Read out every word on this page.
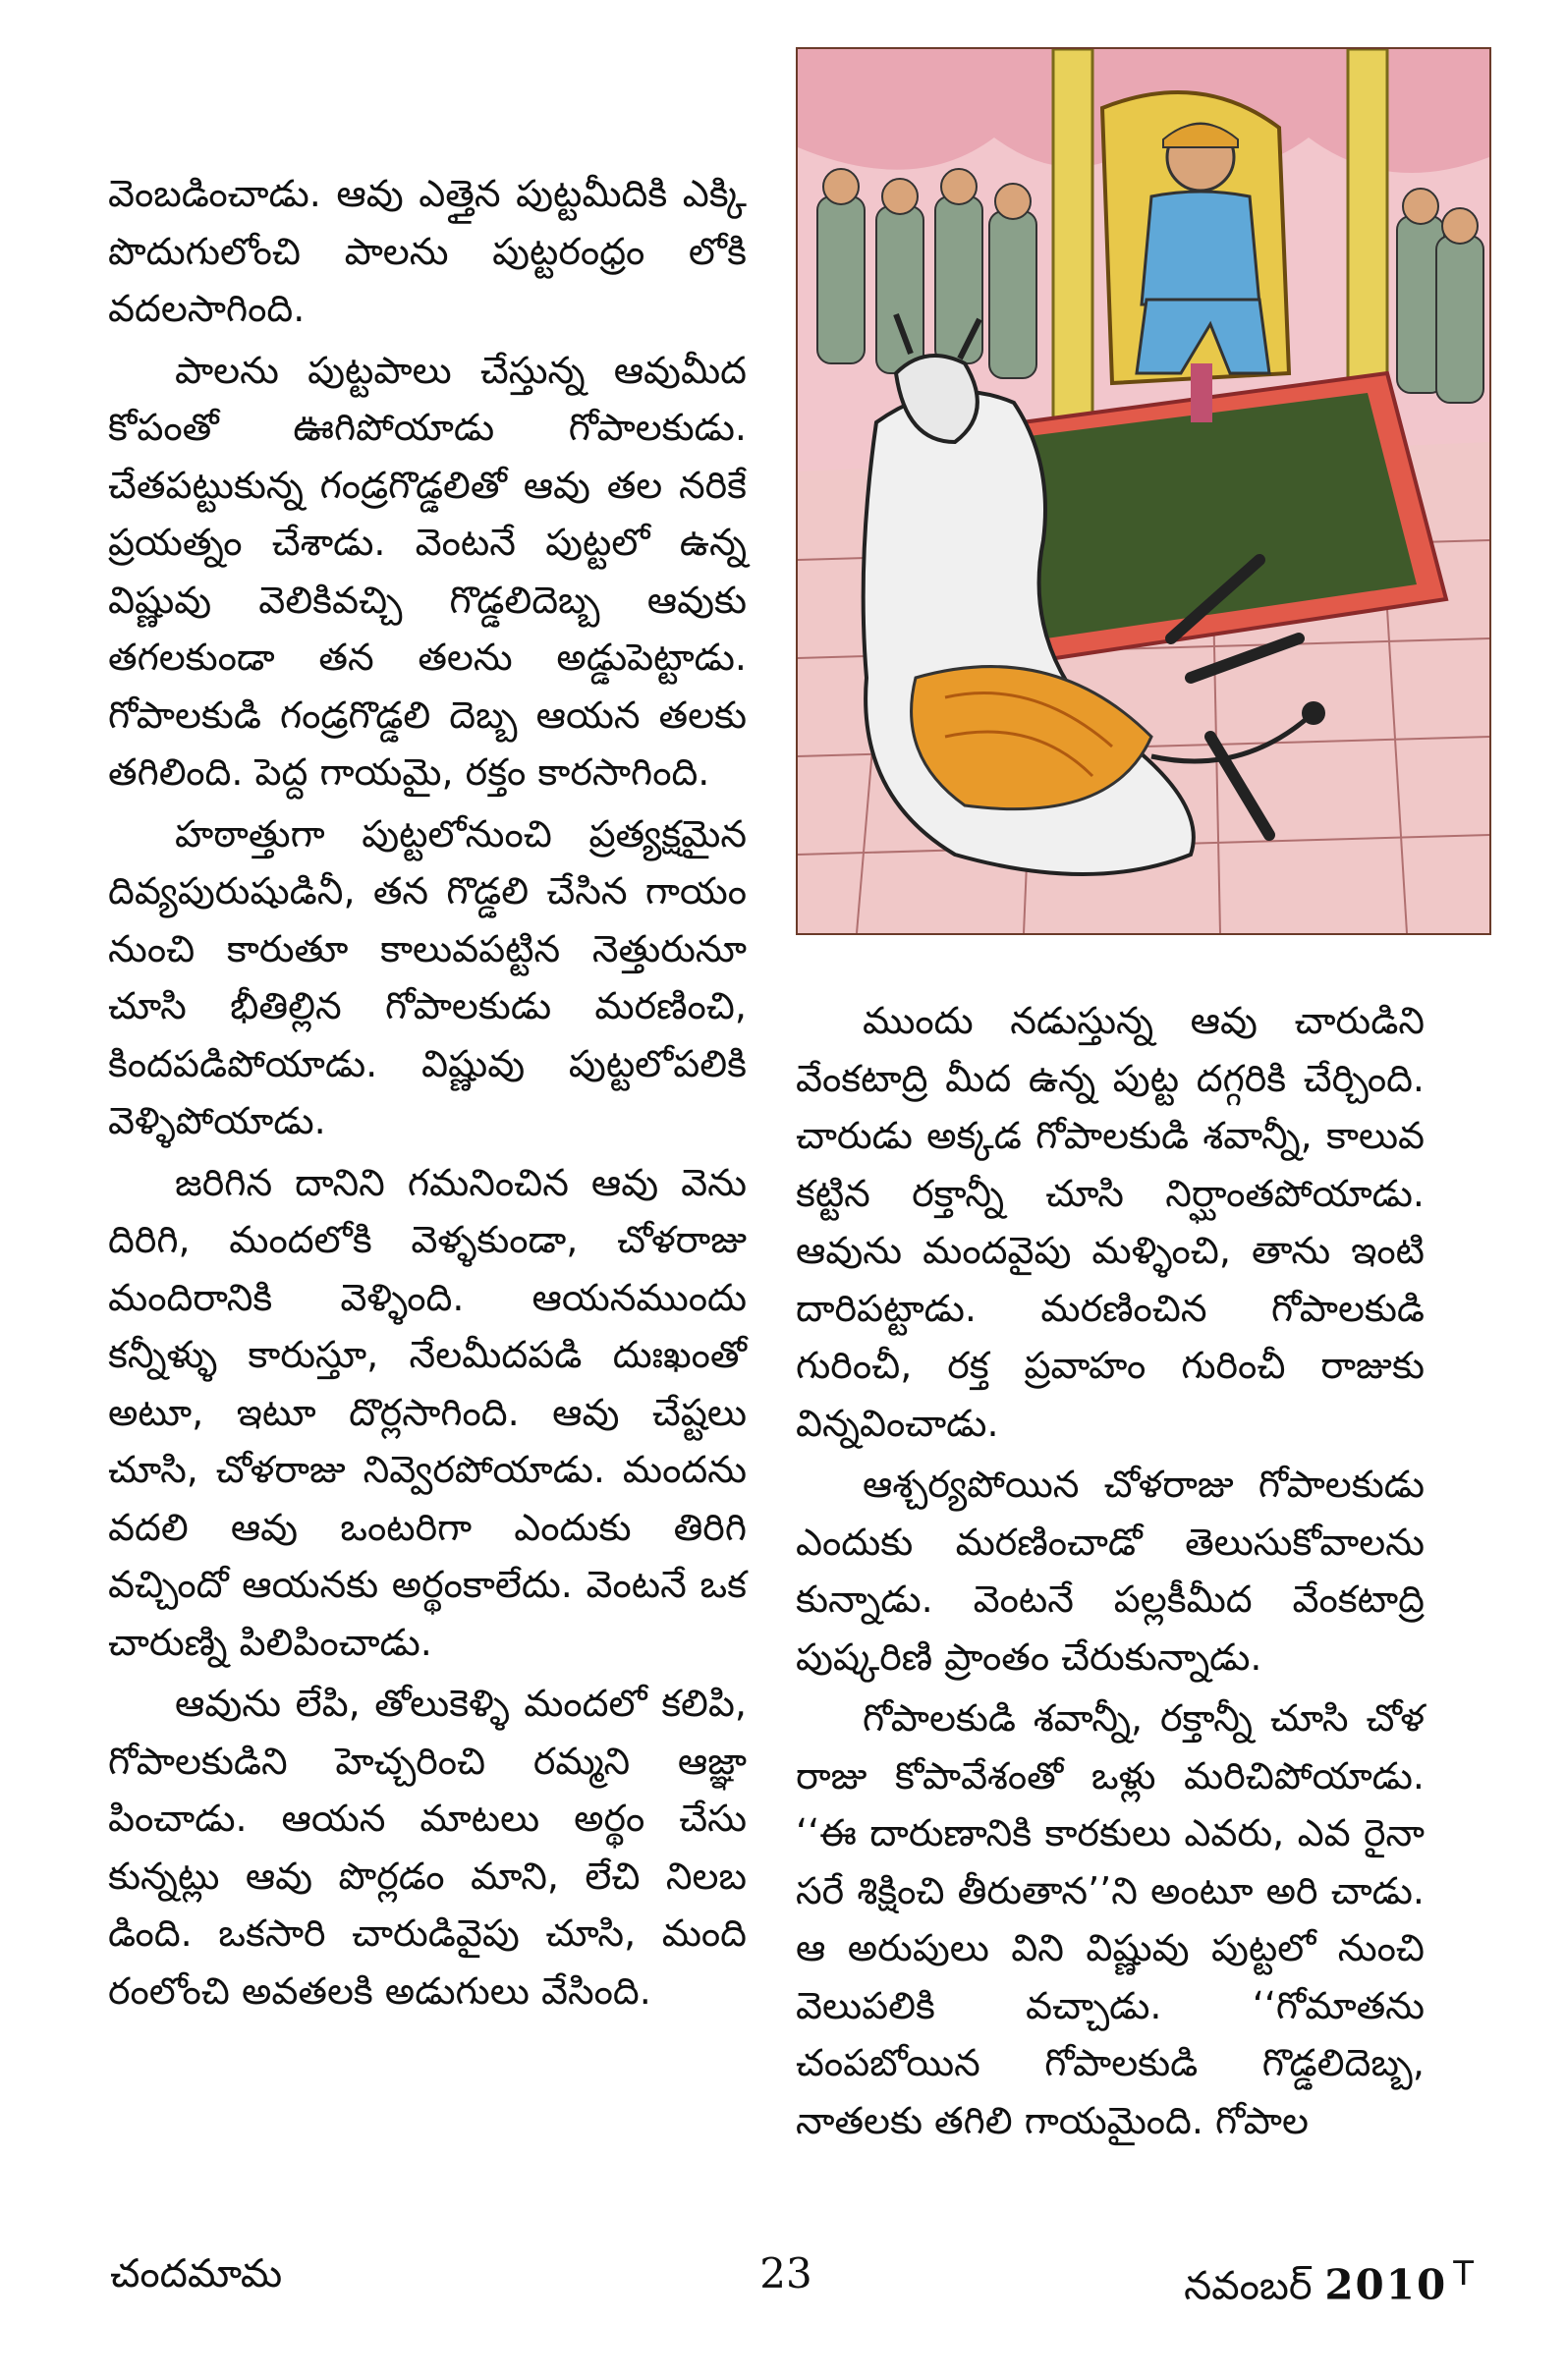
వెంబడించాడు. ఆవు ఎత్తైన పుట్టమీదికి ఎక్కి పొదుగులోంచి పాలను పుట్టరంధ్రం లోకి వదలసాగింది.

పాలను పుట్టపాలు చేస్తున్న ఆవుమీద కోపంతో ఊగిపోయాడు గోపాలకుడు. చేతపట్టుకున్న గండ్రగొడ్డలితో ఆవు తల నరికే ప్రయత్నం చేశాడు. వెంటనే పుట్టలో ఉన్న విష్ణువు వెలికివచ్చి గొడ్డలిదెబ్బ ఆవుకు తగలకుండా తన తలను అడ్డుపెట్టాడు. గోపాలకుడి గండ్రగొడ్డలి దెబ్బ ఆయన తలకు తగిలింది. పెద్ద గాయమై, రక్తం కారసాగింది.

హఠాత్తుగా పుట్టలోనుంచి ప్రత్యక్షమైన దివ్యపురుషుడినీ, తన గొడ్డలి చేసిన గాయం నుంచి కారుతూ కాలువపట్టిన నెత్తురునూ చూసి భీతిల్లిన గోపాలకుడు మరణించి, కిందపడిపోయాడు. విష్ణువు పుట్టలోపలికి వెళ్ళిపోయాడు.

జరిగిన దానిని గమనించిన ఆవు వెను దిరిగి, మందలోకి వెళ్ళకుండా, చోళరాజు మందిరానికి వెళ్ళింది. ఆయనముందు కన్నీళ్ళు కారుస్తూ, నేలమీదపడి దుఃఖంతో అటూ, ఇటూ దొర్లసాగింది. ఆవు చేష్టలు చూసి, చోళరాజు నివ్వెరపోయాడు. మందను వదలి ఆవు ఒంటరిగా ఎందుకు తిరిగి వచ్చిందో ఆయనకు అర్థంకాలేదు. వెంటనే ఒక చారుణ్ని పిలిపించాడు.

ఆవును లేపి, తోలుకెళ్ళి మందలో కలిపి, గోపాలకుడిని హెచ్చరించి రమ్మని ఆజ్ఞా పించాడు. ఆయన మాటలు అర్థం చేసు కున్నట్లు ఆవు పొర్లడం మాని, లేచి నిలబ డింది. ఒకసారి చారుడివైపు చూసి, మంది రంలోంచి అవతలకి అడుగులు వేసింది.

ముందు నడుస్తున్న ఆవు చారుడిని వేంకటాద్రి మీద ఉన్న పుట్ట దగ్గరికి చేర్చింది. చారుడు అక్కడ గోపాలకుడి శవాన్నీ, కాలువ కట్టిన రక్తాన్నీ చూసి నిర్ఘాంతపోయాడు. ఆవును మందవైపు మళ్ళించి, తాను ఇంటి దారిపట్టాడు. మరణించిన గోపాలకుడి గురించీ, రక్త ప్రవాహం గురించీ రాజుకు విన్నవించాడు.

ఆశ్చర్యపోయిన చోళరాజు గోపాలకుడు ఎందుకు మరణించాడో తెలుసుకోవాలను కున్నాడు. వెంటనే పల్లకీమీద వేంకటాద్రి పుష్కరిణి ప్రాంతం చేరుకున్నాడు.

గోపాలకుడి శవాన్నీ, రక్తాన్నీ చూసి చోళ రాజు కోపావేశంతో ఒళ్లు మరిచిపోయాడు. ‘‘ఈ దారుణానికి కారకులు ఎవరు, ఎవ రైనా సరే శిక్షించి తీరుతాన’’ని అంటూ అరి చాడు. ఆ అరుపులు విని విష్ణువు పుట్టలో నుంచి వెలుపలికి వచ్చాడు. ‘‘గోమాతను చంపబోయిన గోపాలకుడి గొడ్డలిదెబ్బ, నాతలకు తగిలి గాయమైంది. గోపాల

చందమామ	23	నవంబర్ 2010 $^T$
